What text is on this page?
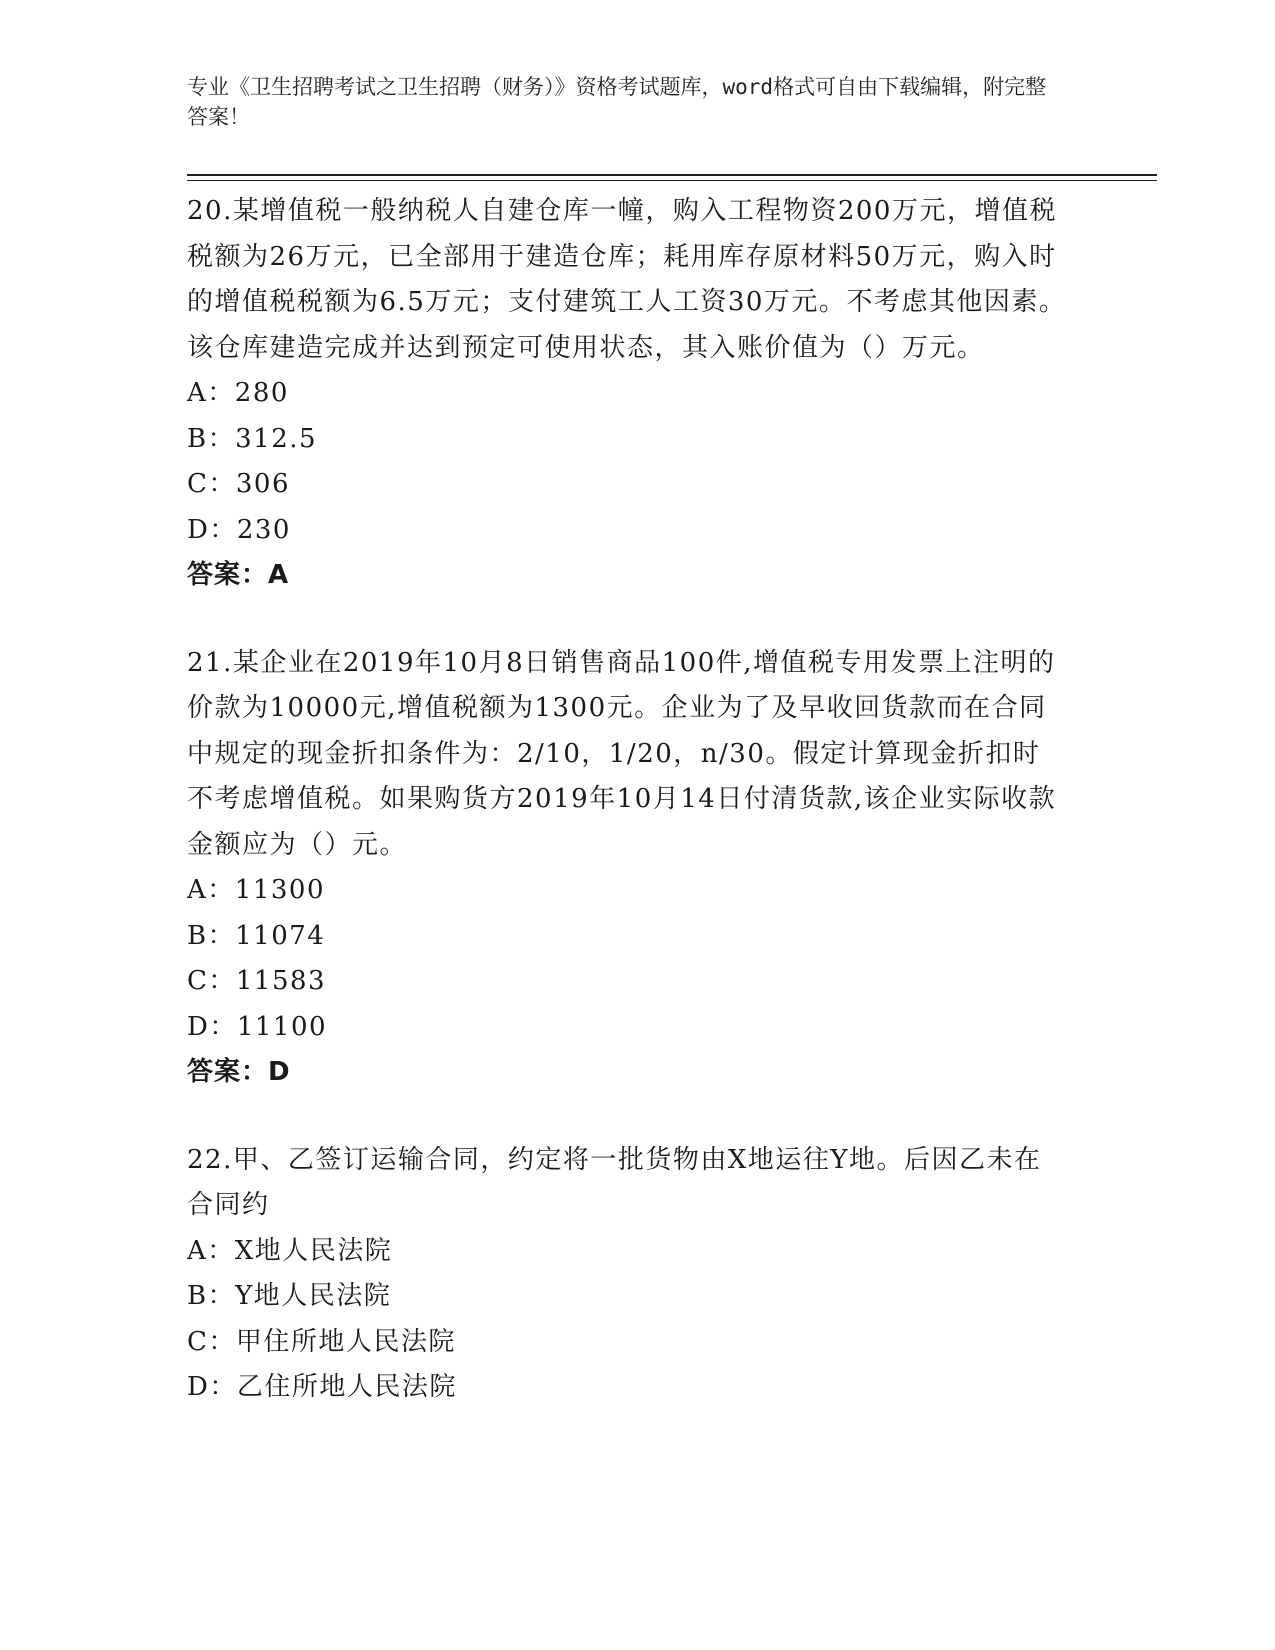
专业《卫生招聘考试之卫生招聘（财务）》资格考试题库，word格式可自由下载编辑，附完整答案！
20.某增值税一般纳税人自建仓库一幢，购入工程物资200万元，增值税税额为26万元，已全部用于建造仓库；耗用库存原材料50万元，购入时的增值税税额为6.5万元；支付建筑工人工资30万元。不考虑其他因素。该仓库建造完成并达到预定可使用状态，其入账价值为（）万元。
A：280
B：312.5
C：306
D：230
答案：A
21.某企业在2019年10月8日销售商品100件,增值税专用发票上注明的价款为10000元,增值税额为1300元。企业为了及早收回货款而在合同中规定的现金折扣条件为：2/10，1/20，n/30。假定计算现金折扣时不考虑增值税。如果购货方2019年10月14日付清货款,该企业实际收款金额应为（）元。
A：11300
B：11074
C：11583
D：11100
答案：D
22.甲、乙签订运输合同，约定将一批货物由X地运往Y地。后因乙未在合同约
A：X地人民法院
B：Y地人民法院
C：甲住所地人民法院
D：乙住所地人民法院
